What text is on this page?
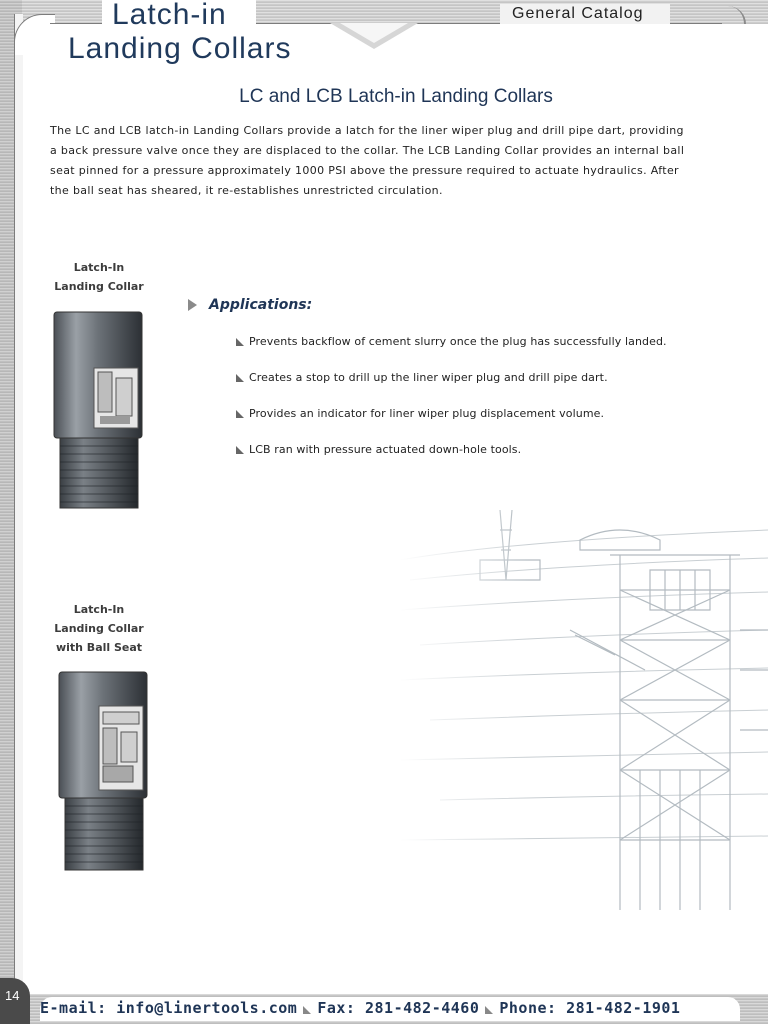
Latch-in
Landing Collars
General Catalog
LC and LCB Latch-in Landing Collars
The LC and LCB latch-in Landing Collars provide a latch for the liner wiper plug and drill pipe dart, providing a back pressure valve once they are displaced to the collar. The LCB Landing Collar provides an internal ball seat pinned for a pressure approximately 1000 PSI above the pressure required to actuate hydraulics. After the ball seat has sheared, it re-establishes unrestricted circulation.
Latch-In
Landing Collar
Applications:
Prevents backflow of cement slurry once the plug has successfully landed.
Creates a stop to drill up the liner wiper plug and drill pipe dart.
Provides an indicator for liner wiper plug displacement volume.
LCB ran with pressure actuated down-hole tools.
Latch-In
Landing Collar
with Ball Seat
14
E-mail: info@linertools.com Fax: 281-482-4460 Phone: 281-482-1901
